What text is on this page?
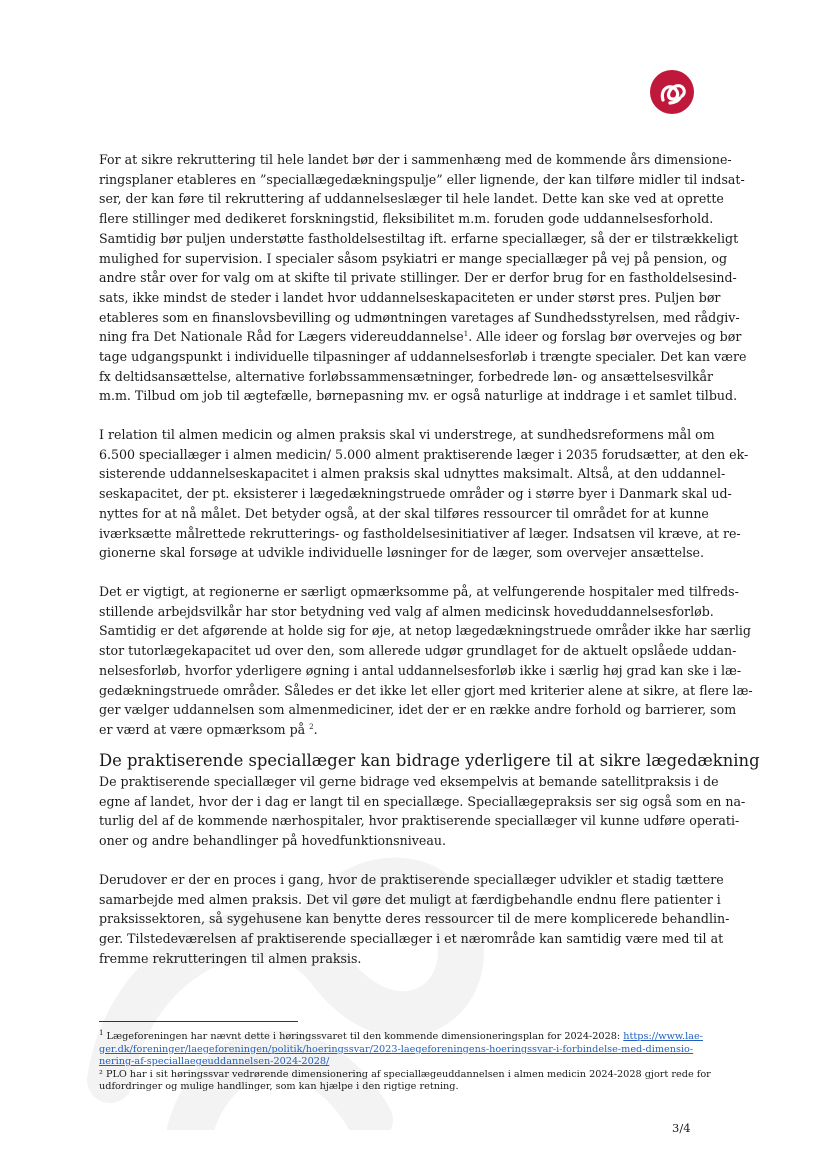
For at sikre rekruttering til hele landet bør der i sammenhæng med de kommende års dimensione-
ringsplaner etableres en ”speciallægedækningspulje” eller lignende, der kan tilføre midler til indsat-
ser, der kan føre til rekruttering af uddannelseslæger til hele landet. Dette kan ske ved at oprette
flere stillinger med dedikeret forskningstid, fleksibilitet m.m. foruden gode uddannelsesforhold.
Samtidig bør puljen understøtte fastholdelsestiltag ift. erfarne speciallæger, så der er tilstrækkeligt
mulighed for supervision. I specialer såsom psykiatri er mange speciallæger på vej på pension, og
andre står over for valg om at skifte til private stillinger. Der er derfor brug for en fastholdelsesind-
sats, ikke mindst de steder i landet hvor uddannelseskapaciteten er under størst pres. Puljen bør
etableres som en finanslovsbevilling og udmøntningen varetages af Sundhedsstyrelsen, med rådgiv-
ning fra Det Nationale Råd for Lægers videreuddannelse$^1$. Alle ideer og forslag bør overvejes og bør
tage udgangspunkt i individuelle tilpasninger af uddannelsesforløb i trængte specialer. Det kan være
fx deltidsansættelse, alternative forløbssammensætninger, forbedrede løn- og ansættelsesvilkår
m.m. Tilbud om job til ægtefælle, børnepasning mv. er også naturlige at inddrage i et samlet tilbud.
I relation til almen medicin og almen praksis skal vi understrege, at sundhedsreformens mål om
6.500 speciallæger i almen medicin/ 5.000 alment praktiserende læger i 2035 forudsætter, at den ek-
sisterende uddannelseskapacitet i almen praksis skal udnyttes maksimalt. Altså, at den uddannel-
seskapacitet, der pt. eksisterer i lægedækningstruede områder og i større byer i Danmark skal ud-
nyttes for at nå målet. Det betyder også, at der skal tilføres ressourcer til området for at kunne
iværksætte målrettede rekrutterings- og fastholdelsesinitiativer af læger. Indsatsen vil kræve, at re-
gionerne skal forsøge at udvikle individuelle løsninger for de læger, som overvejer ansættelse.
Det er vigtigt, at regionerne er særligt opmærksomme på, at velfungerende hospitaler med tilfreds-
stillende arbejdsvilkår har stor betydning ved valg af almen medicinsk hoveduddannelsesforløb.
Samtidig er det afgørende at holde sig for øje, at netop lægedækningstruede områder ikke har særlig
stor tutorlægekapacitet ud over den, som allerede udgør grundlaget for de aktuelt opslåede uddan-
nelsesforløb, hvorfor yderligere øgning i antal uddannelsesforløb ikke i særlig høj grad kan ske i læ-
gedækningstruede områder. Således er det ikke let eller gjort med kriterier alene at sikre, at flere læ-
ger vælger uddannelsen som almenmediciner, idet der er en række andre forhold og barrierer, som
er værd at være opmærksom på $^2$.
De praktiserende speciallæger kan bidrage yderligere til at sikre lægedækning
De praktiserende speciallæger vil gerne bidrage ved eksempelvis at bemande satellitpraksis i de
egne af landet, hvor der i dag er langt til en speciallæge. Speciallægepraksis ser sig også som en na-
turlig del af de kommende nærhospitaler, hvor praktiserende speciallæger vil kunne udføre operati-
oner og andre behandlinger på hovedfunktionsniveau.
Derudover er der en proces i gang, hvor de praktiserende speciallæger udvikler et stadig tættere
samarbejde med almen praksis. Det vil gøre det muligt at færdigbehandle endnu flere patienter i
praksissektoren, så sygehusene kan benytte deres ressourcer til de mere komplicerede behandlin-
ger. Tilstedeværelsen af praktiserende speciallæger i et nærområde kan samtidig være med til at
fremme rekrutteringen til almen praksis.
$^1$ Lægeforeningen har nævnt dette i høringssvaret til den kommende dimensioneringsplan for 2024-2028: https://www.lae-
ger.dk/foreninger/laegeforeningen/politik/hoeringssvar/2023-laegeforeningens-hoeringssvar-i-forbindelse-med-dimensio-
nering-af-speciallaegeuddannelsen-2024-2028/
² PLO har i sit høringssvar vedrørende dimensionering af speciallægeuddannelsen i almen medicin 2024-2028 gjort rede for
udfordringer og mulige handlinger, som kan hjælpe i den rigtige retning.
3/4
